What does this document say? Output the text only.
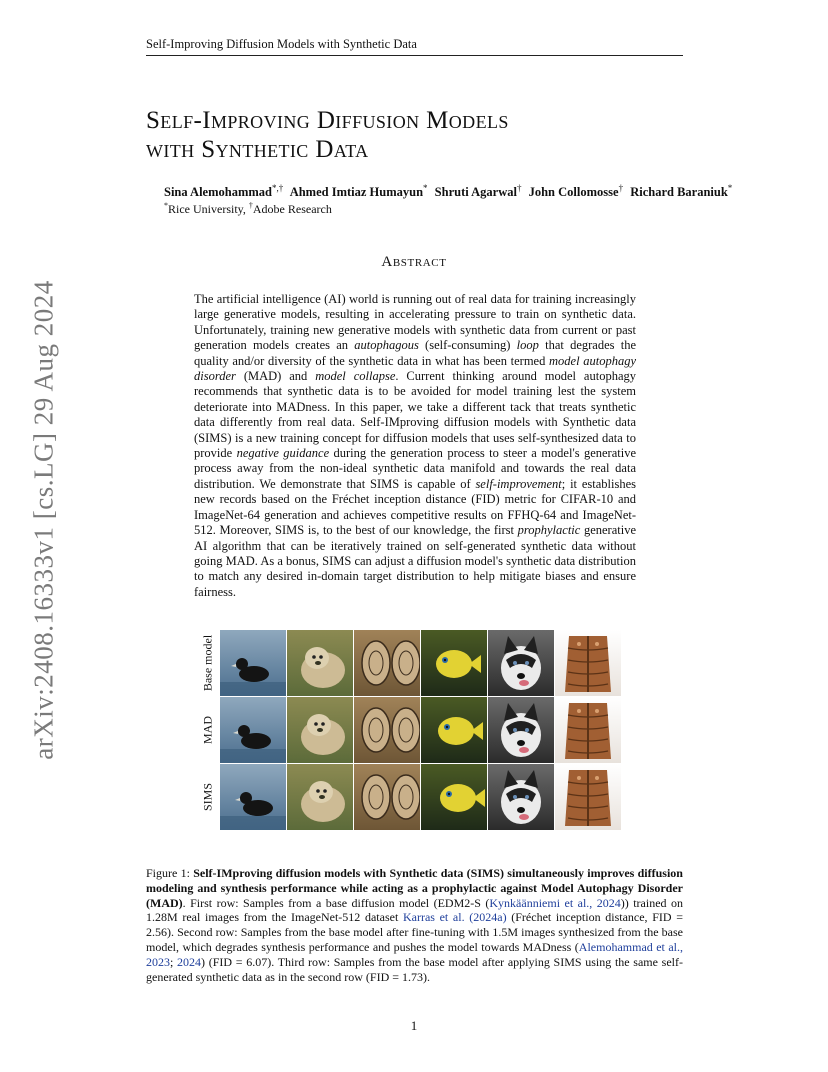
Self-Improving Diffusion Models with Synthetic Data
arXiv:2408.16333v1 [cs.LG] 29 Aug 2024
Self-Improving Diffusion Models
with Synthetic Data
Sina Alemohammad*,† Ahmed Imtiaz Humayun* Shruti Agarwal† John Collomosse† Richard Baraniuk*
*Rice University, †Adobe Research
Abstract

The artificial intelligence (AI) world is running out of real data for training increasingly large generative models, resulting in accelerating pressure to train on synthetic data. Unfortunately, training new generative models with synthetic data from current or past generation models creates an autophagous (self-consuming) loop that degrades the quality and/or diversity of the synthetic data in what has been termed model autophagy disorder (MAD) and model collapse. Current thinking around model autophagy recommends that synthetic data is to be avoided for model training lest the system deteriorate into MADness. In this paper, we take a different tack that treats synthetic data differently from real data. Self-IMproving diffusion models with Synthetic data (SIMS) is a new training concept for diffusion models that uses self-synthesized data to provide negative guidance during the generation process to steer a model's generative process away from the non-ideal synthetic data manifold and towards the real data distribution. We demonstrate that SIMS is capable of self-improvement; it establishes new records based on the Fréchet inception distance (FID) metric for CIFAR-10 and ImageNet-64 generation and achieves competitive results on FFHQ-64 and ImageNet-512. Moreover, SIMS is, to the best of our knowledge, the first prophylactic generative AI algorithm that can be iteratively trained on self-generated synthetic data without going MAD. As a bonus, SIMS can adjust a diffusion model's synthetic data distribution to match any desired in-domain target distribution to help mitigate biases and ensure fairness.

Base model
MAD
SIMS

Figure 1: Self-IMproving diffusion models with Synthetic data (SIMS) simultaneously improves diffusion modeling and synthesis performance while acting as a prophylactic against Model Autophagy Disorder (MAD). First row: Samples from a base diffusion model (EDM2-S (Kynkäänniemi et al., 2024)) trained on 1.28M real images from the ImageNet-512 dataset Karras et al. (2024a) (Fréchet inception distance, FID = 2.56). Second row: Samples from the base model after fine-tuning with 1.5M images synthesized from the base model, which degrades synthesis performance and pushes the model towards MADness (Alemohammad et al., 2023; 2024) (FID = 6.07). Third row: Samples from the base model after applying SIMS using the same self-generated synthetic data as in the second row (FID = 1.73).

1
